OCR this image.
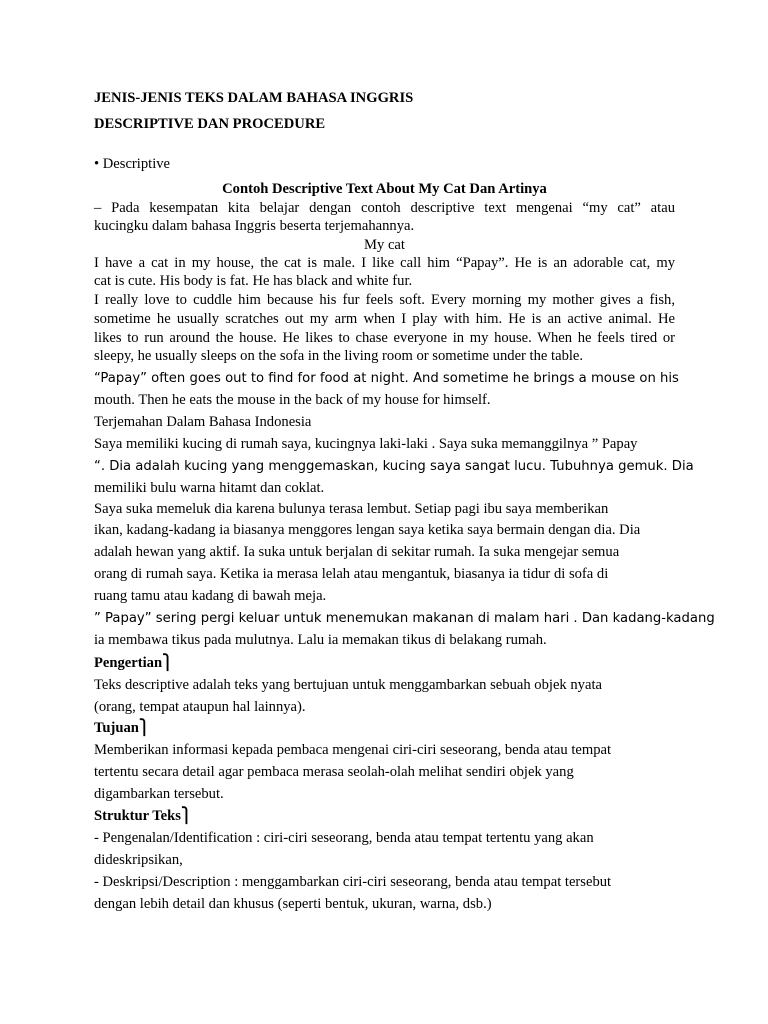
JENIS-JENIS TEKS DALAM BAHASA INGGRIS

DESCRIPTIVE DAN PROCEDURE

• Descriptive

Contoh Descriptive Text About My Cat Dan Artinya

– Pada kesempatan kita belajar dengan contoh descriptive text mengenai “my cat” atau

kucingku dalam bahasa Inggris beserta terjemahannya.

My cat

I have a cat in my house, the cat is male. I like call him “Papay”. He is an adorable cat, my

cat is cute. His body is fat. He has black and white fur.

I really love to cuddle him because his fur feels soft. Every morning my mother gives a fish,

sometime he usually scratches out my arm when I play with him. He is an active animal. He

likes to run around the house. He likes to chase everyone in my house. When he feels tired or

sleepy, he usually sleeps on the sofa in the living room or sometime under the table.

“Papay” often goes out to find for food at night. And sometime he brings a mouse on his

mouth. Then he eats the mouse in the back of my house for himself.

Terjemahan Dalam Bahasa Indonesia

Saya memiliki kucing di rumah saya, kucingnya laki-laki . Saya suka memanggilnya ” Papay

“. Dia adalah kucing yang menggemaskan, kucing saya sangat lucu. Tubuhnya gemuk. Dia

memiliki bulu warna hitamt dan coklat.

Saya suka memeluk dia karena bulunya terasa lembut. Setiap pagi ibu saya memberikan

ikan, kadang-kadang ia biasanya menggores lengan saya ketika saya bermain dengan dia. Dia

adalah hewan yang aktif. Ia suka untuk berjalan di sekitar rumah. Ia suka mengejar semua

orang di rumah saya. Ketika ia merasa lelah atau mengantuk, biasanya ia tidur di sofa di

ruang tamu atau kadang di bawah meja.

” Papay” sering pergi keluar untuk menemukan makanan di malam hari . Dan kadang-kadang

ia membawa tikus pada mulutnya. Lalu ia memakan tikus di belakang rumah.

Pengertian⎫

Teks descriptive adalah teks yang bertujuan untuk menggambarkan sebuah objek nyata

(orang, tempat ataupun hal lainnya).

Tujuan⎫

Memberikan informasi kepada pembaca mengenai ciri-ciri seseorang, benda atau tempat

tertentu secara detail agar pembaca merasa seolah-olah melihat sendiri objek yang

digambarkan tersebut.

Struktur Teks⎫

- Pengenalan/Identification : ciri-ciri seseorang, benda atau tempat tertentu yang akan

dideskripsikan,

- Deskripsi/Description : menggambarkan ciri-ciri seseorang, benda atau tempat tersebut

dengan lebih detail dan khusus (seperti bentuk, ukuran, warna, dsb.)
